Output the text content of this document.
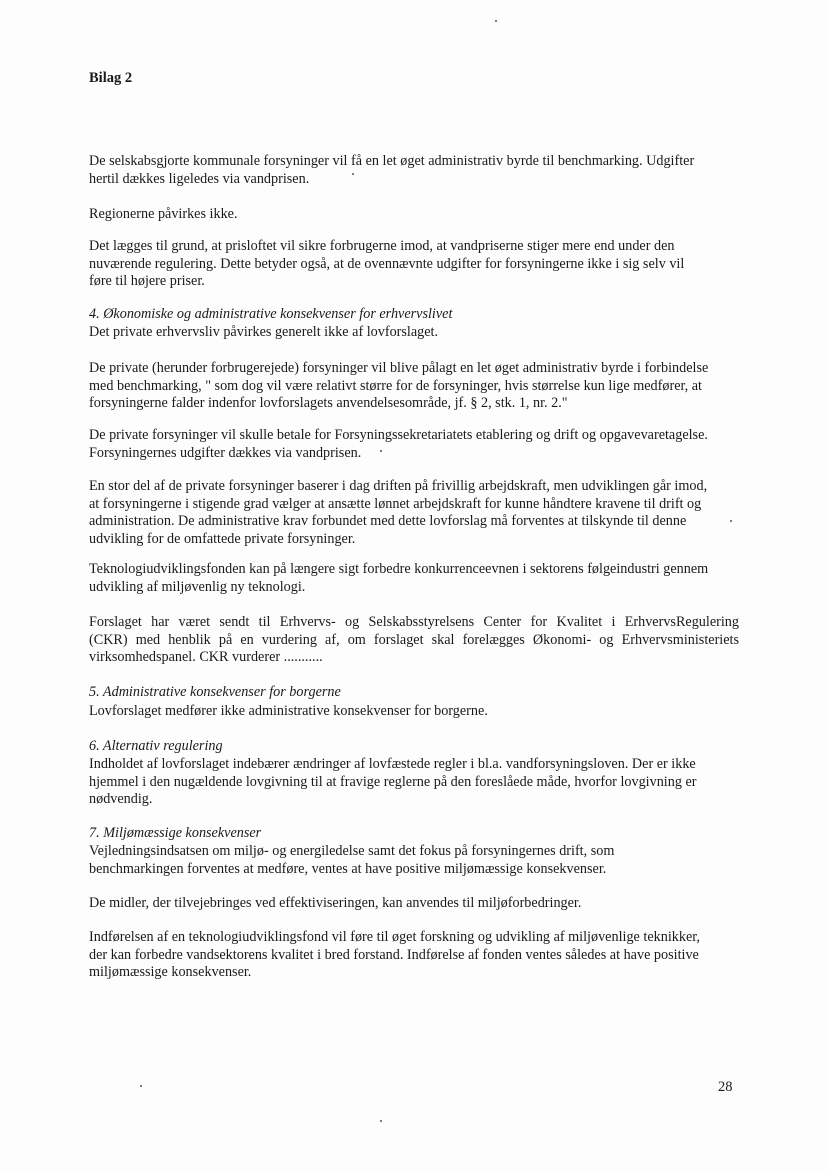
Bilag 2
De selskabsgjorte kommunale forsyninger vil få en let øget administrativ byrde til benchmarking. Udgifter
hertil dækkes ligeledes via vandprisen.
Regionerne påvirkes ikke.
Det lægges til grund, at prisloftet vil sikre forbrugerne imod, at vandpriserne stiger mere end under den
nuværende regulering. Dette betyder også, at de ovennævnte udgifter for forsyningerne ikke i sig selv vil
føre til højere priser.
4. Økonomiske og administrative konsekvenser for erhvervslivet
Det private erhvervsliv påvirkes generelt ikke af lovforslaget.
De private (herunder forbrugerejede) forsyninger vil blive pålagt en let øget administrativ byrde i forbindelse
med benchmarking, " som dog vil være relativt større for de forsyninger, hvis størrelse kun lige medfører, at
forsyningerne falder indenfor lovforslagets anvendelsesområde, jf. § 2, stk. 1, nr. 2."
De private forsyninger vil skulle betale for Forsyningssekretariatets etablering og drift og opgavevaretagelse.
Forsyningernes udgifter dækkes via vandprisen.
En stor del af de private forsyninger baserer i dag driften på frivillig arbejdskraft, men udviklingen går imod,
at forsyningerne i stigende grad vælger at ansætte lønnet arbejdskraft for kunne håndtere kravene til drift og
administration. De administrative krav forbundet med dette lovforslag må forventes at tilskynde til denne
udvikling for de omfattede private forsyninger.
Teknologiudviklingsfonden kan på længere sigt forbedre konkurrenceevnen i sektorens følgeindustri gennem
udvikling af miljøvenlig ny teknologi.
Forslaget har været sendt til Erhvervs- og Selskabsstyrelsens Center for Kvalitet i ErhvervsRegulering
(CKR) med henblik på en vurdering af, om forslaget skal forelægges Økonomi- og Erhvervsministeriets
virksomhedspanel. CKR vurderer ...........
5. Administrative konsekvenser for borgerne
Lovforslaget medfører ikke administrative konsekvenser for borgerne.
6. Alternativ regulering
Indholdet af lovforslaget indebærer ændringer af lovfæstede regler i bl.a. vandforsyningsloven. Der er ikke
hjemmel i den nugældende lovgivning til at fravige reglerne på den foreslåede måde, hvorfor lovgivning er
nødvendig.
7. Miljømæssige konsekvenser
Vejledningsindsatsen om miljø- og energiledelse samt det fokus på forsyningernes drift, som
benchmarkingen forventes at medføre, ventes at have positive miljømæssige konsekvenser.
De midler, der tilvejebringes ved effektiviseringen, kan anvendes til miljøforbedringer.
Indførelsen af en teknologiudviklingsfond vil føre til øget forskning og udvikling af miljøvenlige teknikker,
der kan forbedre vandsektorens kvalitet i bred forstand. Indførelse af fonden ventes således at have positive
miljømæssige konsekvenser.
28
